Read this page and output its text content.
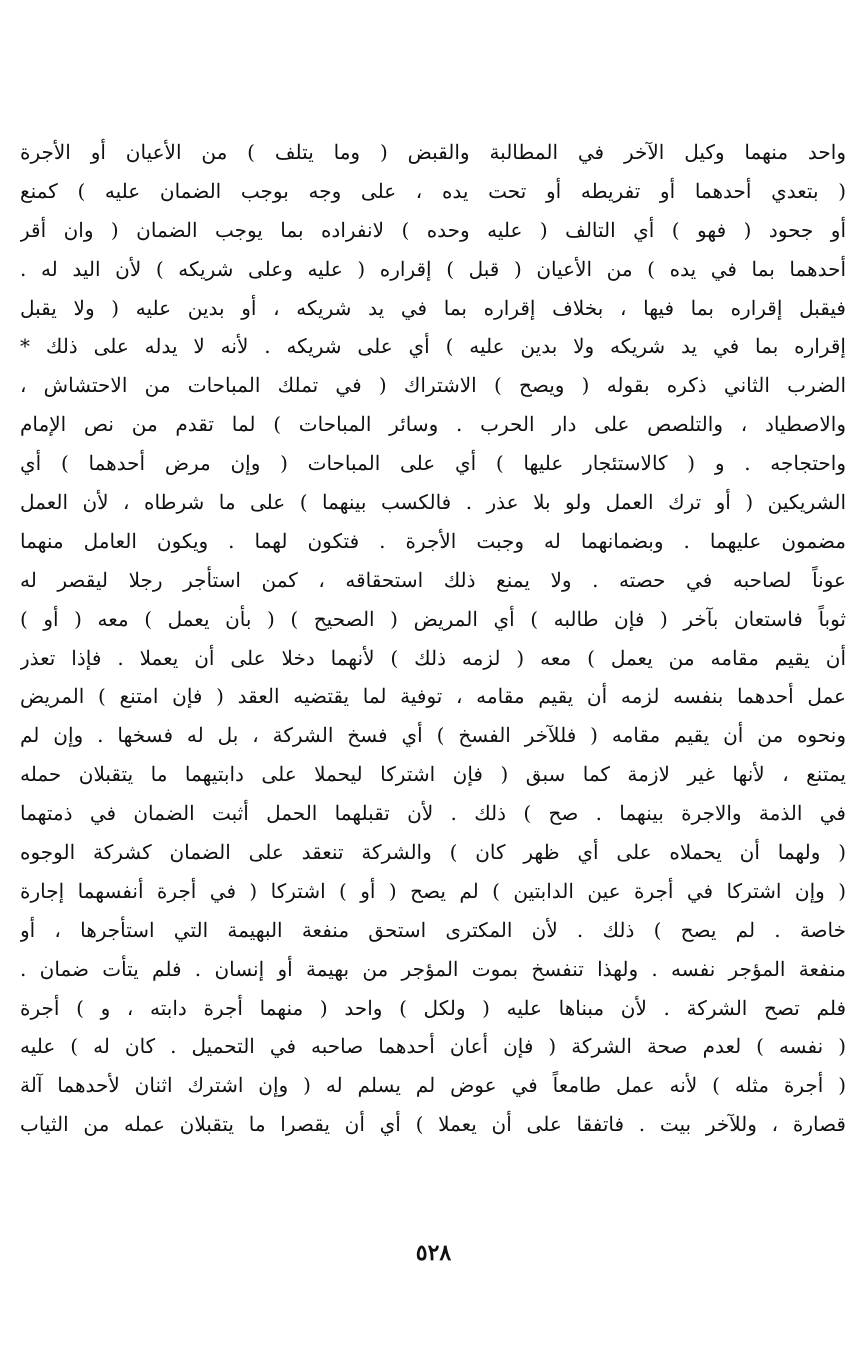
واحد منهما وكيل الآخر في المطالبة والقبض ( وما يتلف ) من الأعيان أو الأجرة
( بتعدي أحدهما أو تفريطه أو تحت يده ، على وجه بوجب الضمان عليه ) كمنع
أو جحود ( فهو ) أي التالف ( عليه وحده ) لانفراده بما يوجب الضمان ( وان أقر
أحدهما بما في يده ) من الأعيان ( قبل ) إقراره ( عليه وعلى شريكه ) لأن اليد له .
فيقبل إقراره بما فيها ، بخلاف إقراره بما في يد شريكه ، أو بدين عليه ( ولا يقبل
إقراره بما في يد شريكه ولا بدين عليه ) أي على شريكه . لأنه لا يدله على ذلك *
الضرب الثاني ذكره بقوله ( ويصح ) الاشتراك ( في تملك المباحات من الاحتشاش ،
والاصطياد ، والتلصص على دار الحرب . وسائر المباحات ) لما تقدم من نص الإمام
واحتجاجه . و ( كالاستئجار عليها ) أي على المباحات ( وإن مرض أحدهما ) أي
الشريكين ( أو ترك العمل ولو بلا عذر . فالكسب بينهما ) على ما شرطاه ، لأن العمل
مضمون عليهما . وبضمانهما له وجبت الأجرة . فتكون لهما . ويكون العامل منهما
عوناً لصاحبه في حصته . ولا يمنع ذلك استحقاقه ، كمن استأجر رجلا ليقصر له
ثوباً فاستعان بآخر ( فإن طالبه ) أي المريض ( الصحيح ) ( بأن يعمل ) معه ( أو )
أن يقيم مقامه من يعمل ) معه ( لزمه ذلك ) لأنهما دخلا على أن يعملا . فإذا تعذر
عمل أحدهما بنفسه لزمه أن يقيم مقامه ، توفية لما يقتضيه العقد ( فإن امتنع ) المريض
ونحوه من أن يقيم مقامه ( فللآخر الفسخ ) أي فسخ الشركة ، بل له فسخها . وإن لم
يمتنع ، لأنها غير لازمة كما سبق ( فإن اشتركا ليحملا على دابتيهما ما يتقبلان حمله
في الذمة والاجرة بينهما . صح ) ذلك . لأن تقبلهما الحمل أثبت الضمان في ذمتهما
( ولهما أن يحملاه على أي ظهر كان ) والشركة تنعقد على الضمان كشركة الوجوه
( وإن اشتركا في أجرة عين الدابتين ) لم يصح ( أو ) اشتركا ( في أجرة أنفسهما إجارة
خاصة . لم يصح ) ذلك . لأن المكترى استحق منفعة البهيمة التي استأجرها ، أو
منفعة المؤجر نفسه . ولهذا تنفسخ بموت المؤجر من بهيمة أو إنسان . فلم يتأت ضمان .
فلم تصح الشركة . لأن مبناها عليه ( ولكل ) واحد ( منهما أجرة دابته ، و ) أجرة
( نفسه ) لعدم صحة الشركة ( فإن أعان أحدهما صاحبه في التحميل . كان له ) عليه
( أجرة مثله ) لأنه عمل طامعاً في عوض لم يسلم له ( وإن اشترك اثنان لأحدهما آلة
قصارة ، وللآخر بيت . فاتفقا على أن يعملا ) أي أن يقصرا ما يتقبلان عمله من الثياب
٥٢٨
